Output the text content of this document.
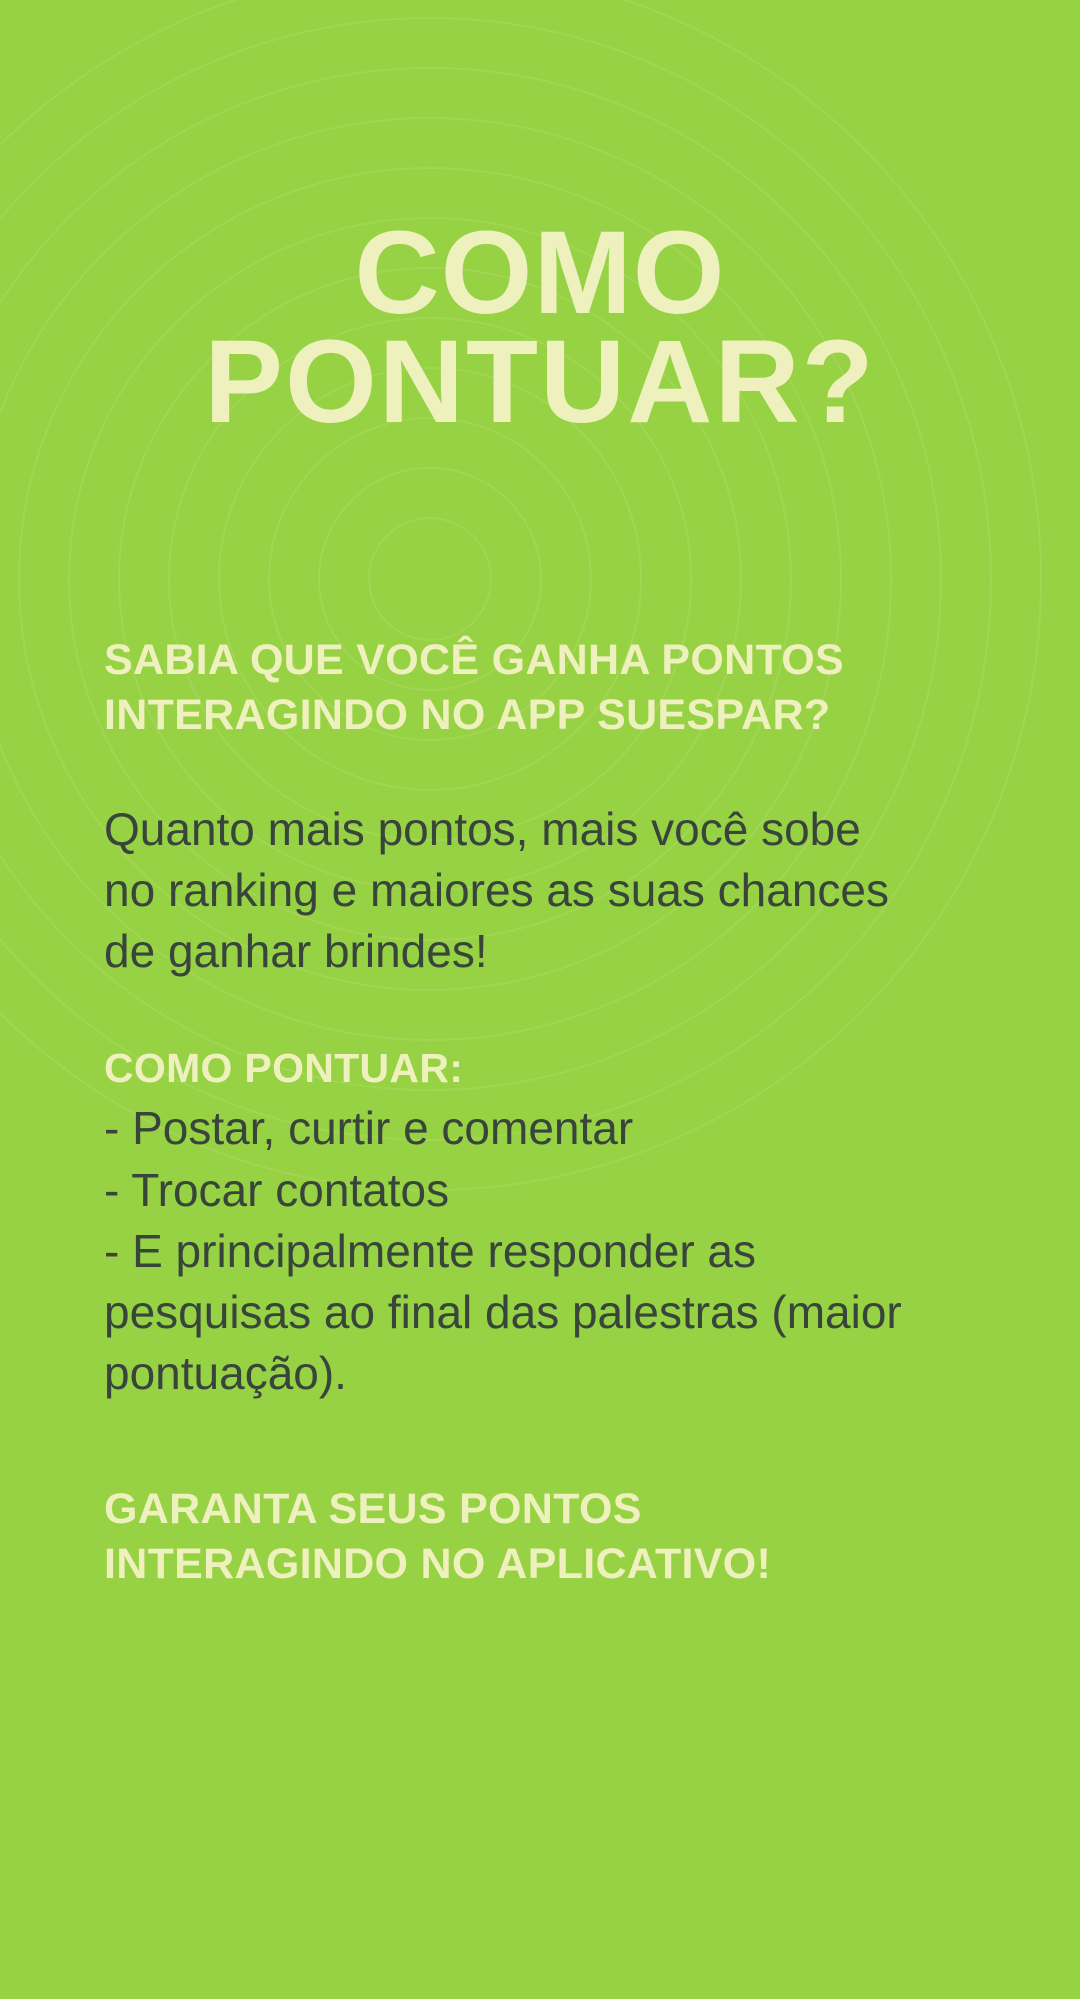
COMO
PONTUAR?
SABIA QUE VOCÊ GANHA PONTOS
INTERAGINDO NO APP SUESPAR?
Quanto mais pontos, mais você sobe
no ranking e maiores as suas chances
de ganhar brindes!
COMO PONTUAR:
- Postar, curtir e comentar
- Trocar contatos
- E principalmente responder as
pesquisas ao final das palestras (maior
pontuação).
GARANTA SEUS PONTOS
INTERAGINDO NO APLICATIVO!
